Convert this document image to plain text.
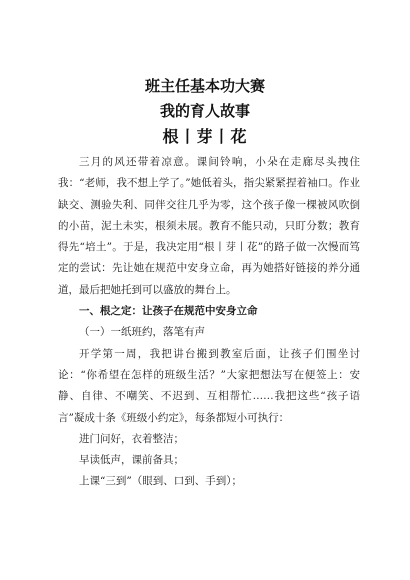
班主任基本功大赛
我的育人故事
根丨芽丨花

三月的风还带着凉意。课间铃响，小朵在走廊尽头拽住我：“老师，我不想上学了。”她低着头，指尖紧紧捏着袖口。作业缺交、测验失利、同伴交往几乎为零，这个孩子像一棵被风吹倒的小苗，泥土未实，根须未展。教育不能只动，只盯分数；教育得先“培土”。于是，我决定用“根丨芽丨花”的路子做一次慢而笃定的尝试：先让她在规范中安身立命，再为她搭好链接的养分通道，最后把她托到可以盛放的舞台上。

一、根之定：让孩子在规范中安身立命

（一）一纸班约，落笔有声

开学第一周，我把讲台搬到教室后面，让孩子们围坐讨论：“你希望在怎样的班级生活？”大家把想法写在便签上：安静、自律、不嘲笑、不迟到、互相帮忙……我把这些“孩子语言”凝成十条《班级小约定》，每条都短小可执行：

进门问好，衣着整洁；

早读低声，课前备具；

上课“三到”（眼到、口到、手到）；
